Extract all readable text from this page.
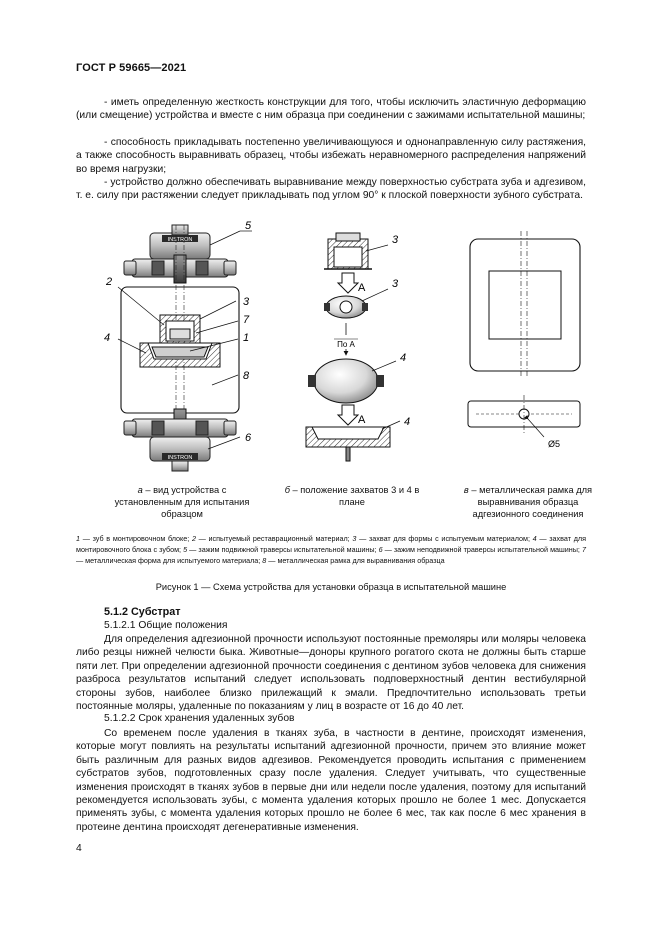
ГОСТ Р 59665—2021
- иметь определенную жесткость конструкции для того, чтобы исключить эластичную деформацию (или смещение) устройства и вместе с ним образца при соединении с зажимами испытательной машины;
- способность прикладывать постепенно увеличивающуюся и однонаправленную силу растяжения, а также способность выравнивать образец, чтобы избежать неравномерного распределения напряжений во время нагрузки;
- устройство должно обеспечивать выравнивание между поверхностью субстрата зуба и адгезивом, т. е. силу при растяжении следует прикладывать под углом 90° к плоской поверхности зубного субстрата.
INSTRON
INSTRON
5
2
3
7
4	1
8
6
A
По А
A
3
3
4
4
Ø5
а – вид устройства с установленным для испытания образцом
б – положение захватов 3 и 4 в плане
в – металлическая рамка для выравнивания образца адгезионного соединения
1 — зуб в монтировочном блоке; 2 — испытуемый реставрационный материал; 3 — захват для формы с испытуемым материалом; 4 — захват для монтировочного блока с зубом; 5 — зажим подвижной траверсы испытательной машины; 6 — зажим неподвижной траверсы испытательной машины; 7 — металлическая форма для испытуемого материала; 8 — металлическая рамка для выравнивания образца
Рисунок 1 — Схема устройства для установки образца в испытательной машине
5.1.2 Субстрат
5.1.2.1 Общие положения
Для определения адгезионной прочности используют постоянные премоляры или моляры человека либо резцы нижней челюсти быка. Животные—доноры крупного рогатого скота не должны быть старше пяти лет. При определении адгезионной прочности соединения с дентином зубов человека для снижения разброса результатов испытаний следует использовать подповерхностный дентин вестибулярной стороны зубов, наиболее близко прилежащий к эмали. Предпочтительно использовать третьи постоянные моляры, удаленные по показаниям у лиц в возрасте от 16 до 40 лет.
5.1.2.2 Срок хранения удаленных зубов
Со временем после удаления в тканях зуба, в частности в дентине, происходят изменения, которые могут повлиять на результаты испытаний адгезионной прочности, причем это влияние может быть различным для разных видов адгезивов. Рекомендуется проводить испытания с применением субстратов зубов, подготовленных сразу после удаления. Следует учитывать, что существенные изменения происходят в тканях зубов в первые дни или недели после удаления, поэтому для испытаний рекомендуется использовать зубы, с момента удаления которых прошло не более 1 мес. Допускается применять зубы, с момента удаления которых прошло не более 6 мес, так как после 6 мес хранения в протеине дентина происходят дегенеративные изменения.
4
